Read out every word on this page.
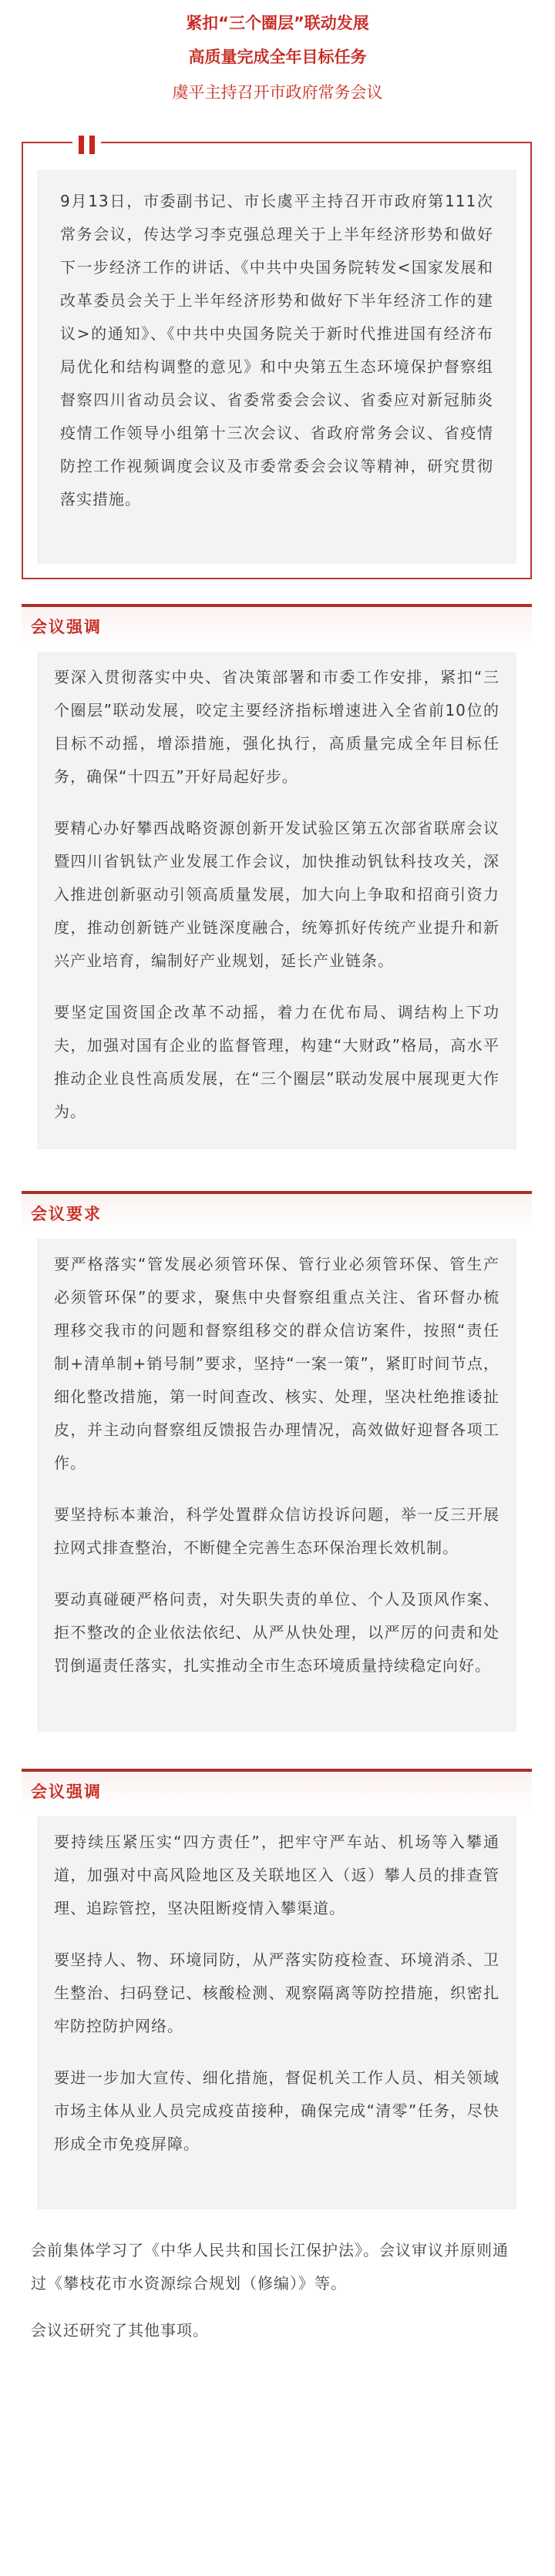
紧扣“三个圈层”联动发展
高质量完成全年目标任务
虞平主持召开市政府常务会议

9月13日，市委副书记、市长虞平主持召开市政府第111次常务会议，传达学习李克强总理关于上半年经济形势和做好下一步经济工作的讲话、《中共中央国务院转发<国家发展和改革委员会关于上半年经济形势和做好下半年经济工作的建议>的通知》、《中共中央国务院关于新时代推进国有经济布局优化和结构调整的意见》和中央第五生态环境保护督察组督察四川省动员会议、省委常委会会议、省委应对新冠肺炎疫情工作领导小组第十三次会议、省政府常务会议、省疫情防控工作视频调度会议及市委常委会会议等精神，研究贯彻落实措施。

会议强调

要深入贯彻落实中央、省决策部署和市委工作安排，紧扣“三个圈层”联动发展，咬定主要经济指标增速进入全省前10位的目标不动摇，增添措施，强化执行，高质量完成全年目标任务，确保“十四五”开好局起好步。

要精心办好攀西战略资源创新开发试验区第五次部省联席会议暨四川省钒钛产业发展工作会议，加快推动钒钛科技攻关，深入推进创新驱动引领高质量发展，加大向上争取和招商引资力度，推动创新链产业链深度融合，统筹抓好传统产业提升和新兴产业培育，编制好产业规划，延长产业链条。

要坚定国资国企改革不动摇，着力在优布局、调结构上下功夫，加强对国有企业的监督管理，构建“大财政”格局，高水平推动企业良性高质发展，在“三个圈层”联动发展中展现更大作为。

会议要求

要严格落实“管发展必须管环保、管行业必须管环保、管生产必须管环保”的要求，聚焦中央督察组重点关注、省环督办梳理移交我市的问题和督察组移交的群众信访案件，按照“责任制+清单制+销号制”要求，坚持“一案一策”，紧盯时间节点，细化整改措施，第一时间查改、核实、处理，坚决杜绝推诿扯皮，并主动向督察组反馈报告办理情况，高效做好迎督各项工作。

要坚持标本兼治，科学处置群众信访投诉问题，举一反三开展拉网式排查整治，不断健全完善生态环保治理长效机制。

要动真碰硬严格问责，对失职失责的单位、个人及顶风作案、拒不整改的企业依法依纪、从严从快处理，以严厉的问责和处罚倒逼责任落实，扎实推动全市生态环境质量持续稳定向好。

会议强调

要持续压紧压实“四方责任”，把牢守严车站、机场等入攀通道，加强对中高风险地区及关联地区入（返）攀人员的排查管理、追踪管控，坚决阻断疫情入攀渠道。

要坚持人、物、环境同防，从严落实防疫检查、环境消杀、卫生整治、扫码登记、核酸检测、观察隔离等防控措施，织密扎牢防控防护网络。

要进一步加大宣传、细化措施，督促机关工作人员、相关领域市场主体从业人员完成疫苗接种，确保完成“清零”任务，尽快形成全市免疫屏障。

会前集体学习了《中华人民共和国长江保护法》。会议审议并原则通过《攀枝花市水资源综合规划（修编）》等。

会议还研究了其他事项。
